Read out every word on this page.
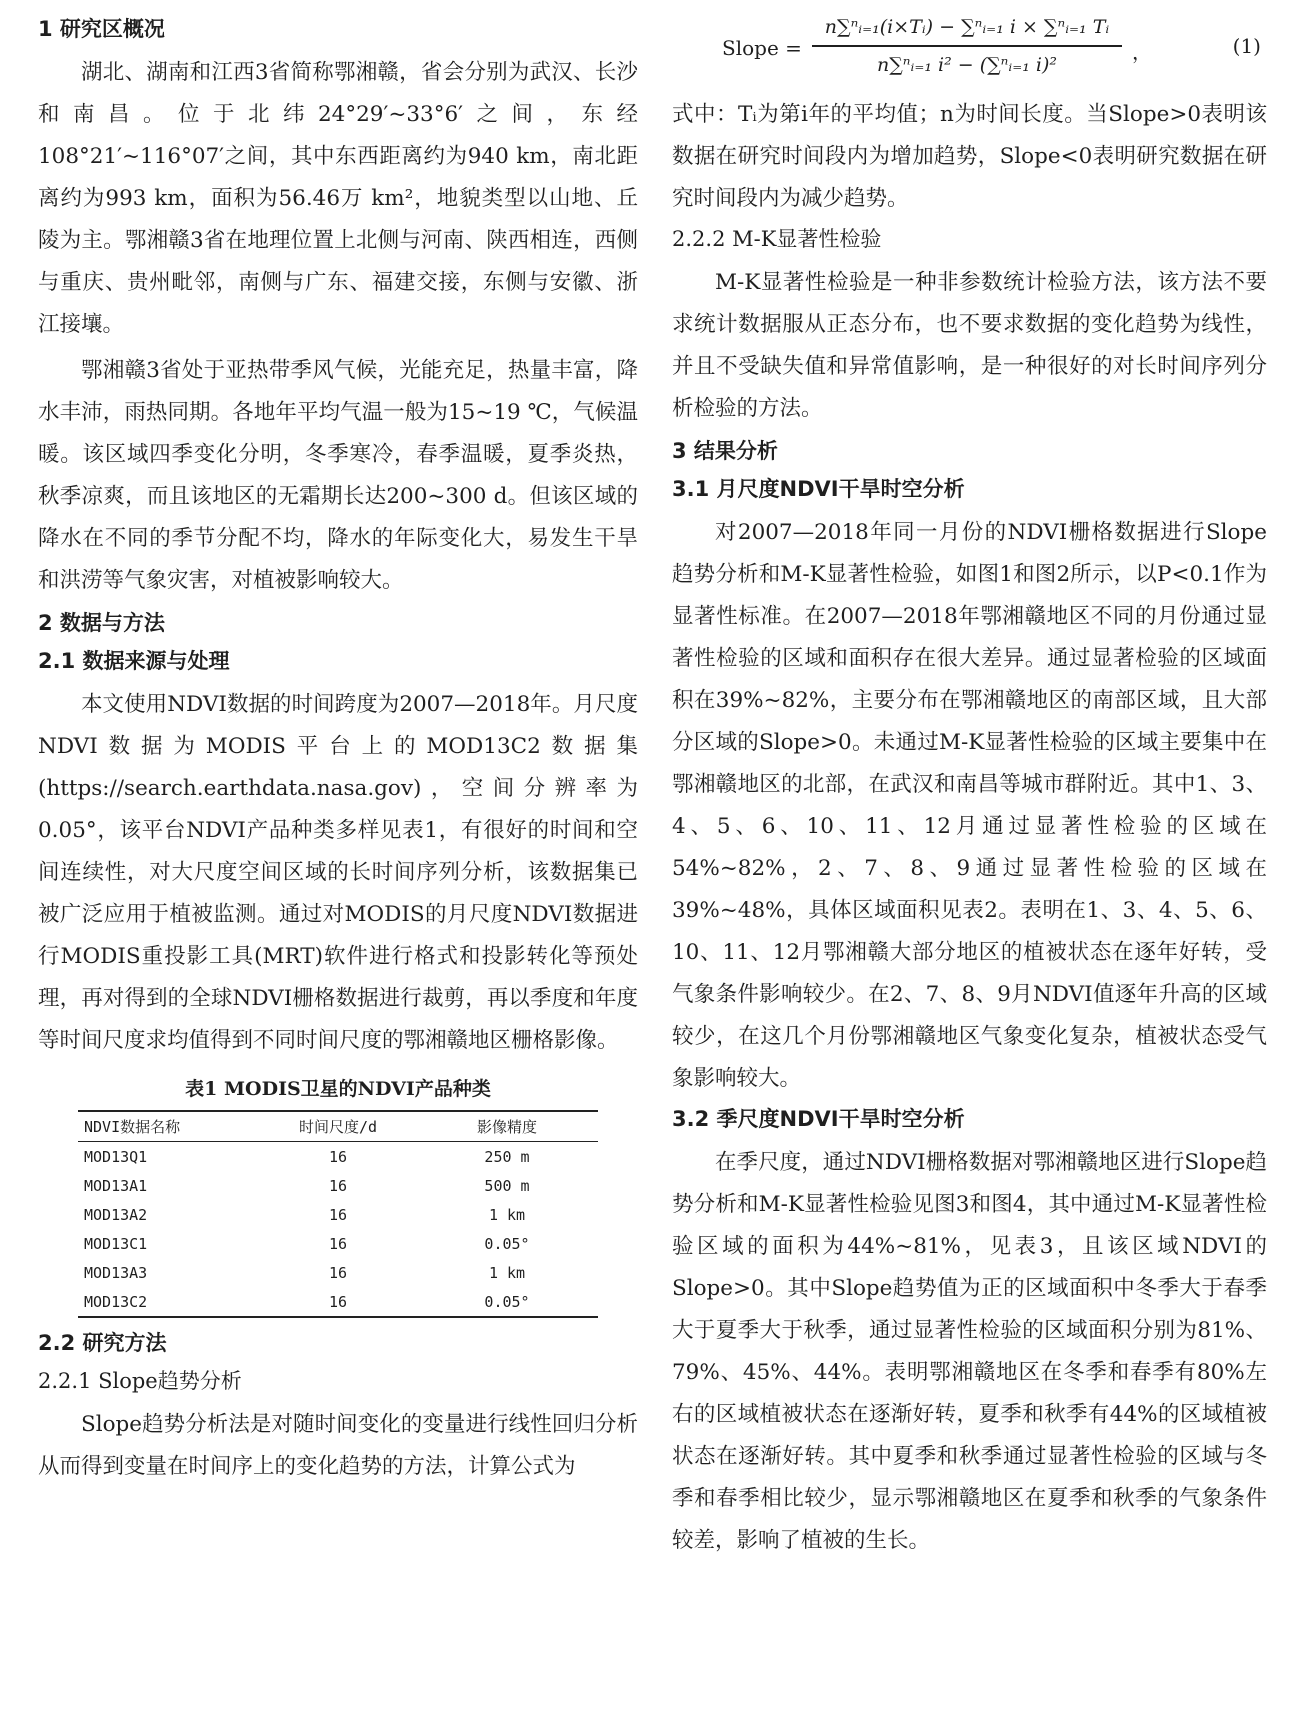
1 研究区概况

湖北、湖南和江西3省简称鄂湘赣，省会分别为武汉、长沙和南昌。位于北纬24°29′~33°6′之间，东经108°21′~116°07′之间，其中东西距离约为940 km，南北距离约为993 km，面积为56.46万 km²，地貌类型以山地、丘陵为主。鄂湘赣3省在地理位置上北侧与河南、陕西相连，西侧与重庆、贵州毗邻，南侧与广东、福建交接，东侧与安徽、浙江接壤。

鄂湘赣3省处于亚热带季风气候，光能充足，热量丰富，降水丰沛，雨热同期。各地年平均气温一般为15~19 ℃，气候温暖。该区域四季变化分明，冬季寒冷，春季温暖，夏季炎热，秋季凉爽，而且该地区的无霜期长达200~300 d。但该区域的降水在不同的季节分配不均，降水的年际变化大，易发生干旱和洪涝等气象灾害，对植被影响较大。

2 数据与方法
2.1 数据来源与处理

本文使用NDVI数据的时间跨度为2007—2018年。月尺度NDVI数据为MODIS平台上的MOD13C2数据集(https://search.earthdata.nasa.gov)，空间分辨率为0.05°，该平台NDVI产品种类多样见表1，有很好的时间和空间连续性，对大尺度空间区域的长时间序列分析，该数据集已被广泛应用于植被监测。通过对MODIS的月尺度NDVI数据进行MODIS重投影工具(MRT)软件进行格式和投影转化等预处理，再对得到的全球NDVI栅格数据进行裁剪，再以季度和年度等时间尺度求均值得到不同时间尺度的鄂湘赣地区栅格影像。

表1 MODIS卫星的NDVI产品种类
NDVI数据名称	时间尺度/d	影像精度
MOD13Q1	16	250 m
MOD13A1	16	500 m
MOD13A2	16	1 km
MOD13C1	16	0.05°
MOD13A3	16	1 km
MOD13C2	16	0.05°
2.2 研究方法
2.2.1 Slope趋势分析

Slope趋势分析法是对随时间变化的变量进行线性回归分析从而得到变量在时间序上的变化趋势的方法，计算公式为

Slope =
n∑ⁿᵢ₌₁(i×Tᵢ) − ∑ⁿᵢ₌₁ i × ∑ⁿᵢ₌₁ Tᵢ
n∑ⁿᵢ₌₁ i² − (∑ⁿᵢ₌₁ i)²
，	(1)

式中：Tᵢ为第i年的平均值；n为时间长度。当Slope>0表明该数据在研究时间段内为增加趋势，Slope<0表明研究数据在研究时间段内为减少趋势。

2.2.2 M-K显著性检验

M-K显著性检验是一种非参数统计检验方法，该方法不要求统计数据服从正态分布，也不要求数据的变化趋势为线性，并且不受缺失值和异常值影响，是一种很好的对长时间序列分析检验的方法。

3 结果分析
3.1 月尺度NDVI干旱时空分析

对2007—2018年同一月份的NDVI栅格数据进行Slope趋势分析和M-K显著性检验，如图1和图2所示，以P<0.1作为显著性标准。在2007—2018年鄂湘赣地区不同的月份通过显著性检验的区域和面积存在很大差异。通过显著检验的区域面积在39%~82%，主要分布在鄂湘赣地区的南部区域，且大部分区域的Slope>0。未通过M-K显著性检验的区域主要集中在鄂湘赣地区的北部，在武汉和南昌等城市群附近。其中1、3、4、5、6、10、11、12月通过显著性检验的区域在54%~82%，2、7、8、9通过显著性检验的区域在39%~48%，具体区域面积见表2。表明在1、3、4、5、6、10、11、12月鄂湘赣大部分地区的植被状态在逐年好转，受气象条件影响较少。在2、7、8、9月NDVI值逐年升高的区域较少，在这几个月份鄂湘赣地区气象变化复杂，植被状态受气象影响较大。

3.2 季尺度NDVI干旱时空分析

在季尺度，通过NDVI栅格数据对鄂湘赣地区进行Slope趋势分析和M-K显著性检验见图3和图4，其中通过M-K显著性检验区域的面积为44%~81%，见表3，且该区域NDVI的Slope>0。其中Slope趋势值为正的区域面积中冬季大于春季大于夏季大于秋季，通过显著性检验的区域面积分别为81%、79%、45%、44%。表明鄂湘赣地区在冬季和春季有80%左右的区域植被状态在逐渐好转，夏季和秋季有44%的区域植被状态在逐渐好转。其中夏季和秋季通过显著性检验的区域与冬季和春季相比较少，显示鄂湘赣地区在夏季和秋季的气象条件较差，影响了植被的生长。
